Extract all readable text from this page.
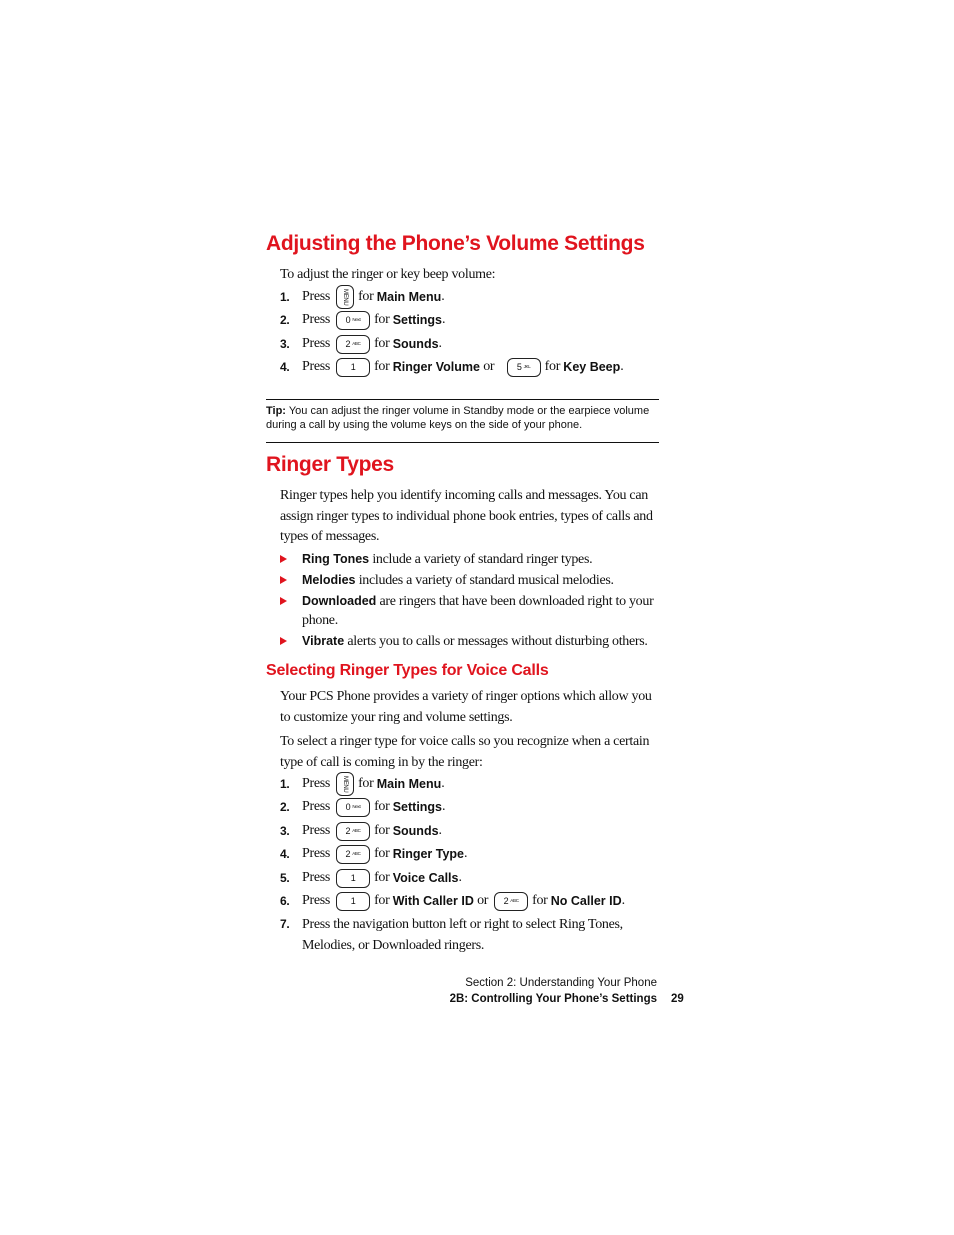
Adjusting the Phone’s Volume Settings
To adjust the ringer or key beep volume:
1. Press	MENU for
Main Menu .
2. Press 0 Next for
Settings .
3. Press 2 ABC for
Sounds .
4. Press	1	for
Ringer Volume
or
	5 JKL for
Key Beep .
Tip: You can adjust the ringer volume in Standby mode or the earpiece volume during a call by using the volume keys on the side of your phone.
Ringer Types
Ringer types help you identify incoming calls and messages. You can assign ringer types to individual phone book entries, types of calls and types of messages.
Ring Tones include a variety of standard ringer types.
Melodies includes a variety of standard musical melodies.
Downloaded are ringers that have been downloaded right to your phone.
Vibrate alerts you to calls or messages without disturbing others.
Selecting Ringer Types for Voice Calls
Your PCS Phone provides a variety of ringer options which allow you to customize your ring and volume settings.
To select a ringer type for voice calls so you recognize when a certain type of call is coming in by the ringer:
1. Press	MENU for
Main Menu .
2. Press 0 Next for
Settings .
3. Press 2 ABC for
Sounds .
4. Press 2 ABC for
Ringer Type .
5. Press	1	for
Voice Calls .
6. Press	1	for
With Caller ID
or 2 ABC for
No Caller ID .
7. Press the navigation button left or right to select Ring Tones, Melodies, or Downloaded ringers.
Section 2: Understanding Your Phone
2B: Controlling Your Phone’s Settings 29
